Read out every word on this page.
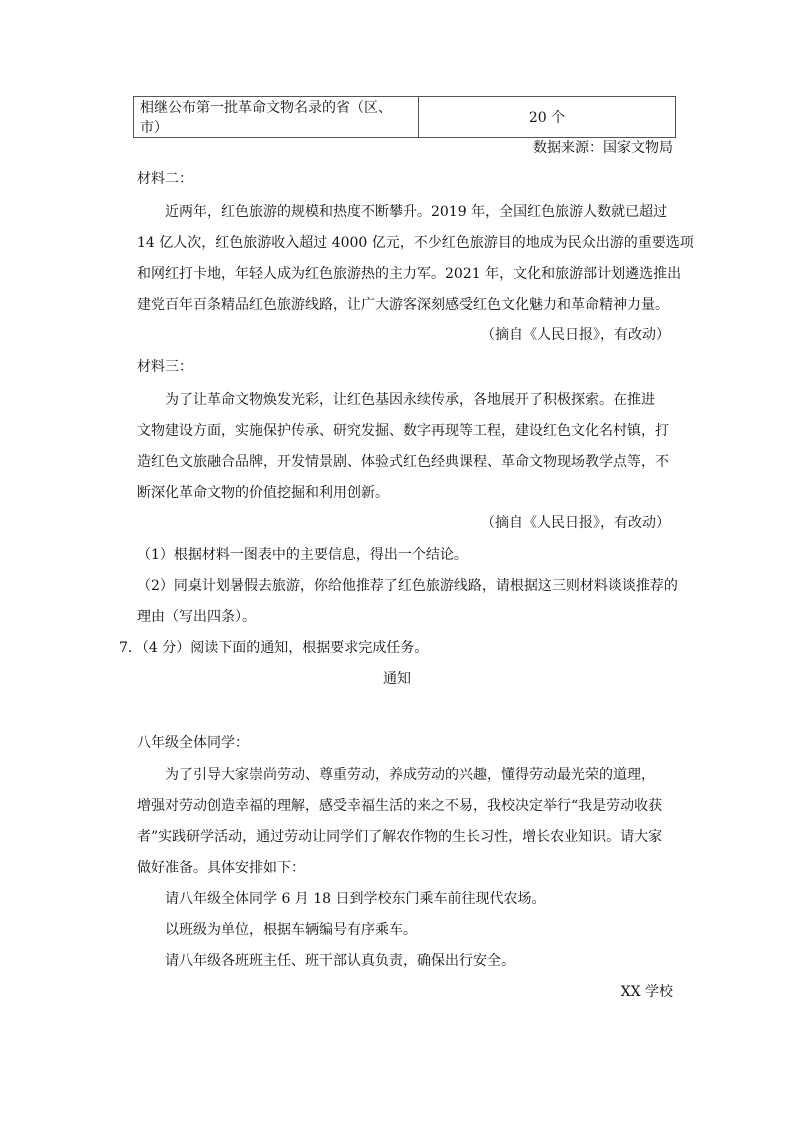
相继公布第一批革命文物名录的省（区、市）	20 个
数据来源：国家文物局
材料二：
近两年，红色旅游的规模和热度不断攀升。2019 年，全国红色旅游人数就已超过
14 亿人次，红色旅游收入超过 4000 亿元，不少红色旅游目的地成为民众出游的重要选项
和网红打卡地，年轻人成为红色旅游热的主力军。2021 年，文化和旅游部计划遴选推出
建党百年百条精品红色旅游线路，让广大游客深刻感受红色文化魅力和革命精神力量。
（摘自《人民日报》，有改动）
材料三：
为了让革命文物焕发光彩，让红色基因永续传承，各地展开了积极探索。在推进
文物建设方面，实施保护传承、研究发掘、数字再现等工程，建设红色文化名村镇，打
造红色文旅融合品牌，开发情景剧、体验式红色经典课程、革命文物现场教学点等，不
断深化革命文物的价值挖掘和利用创新。
（摘自《人民日报》，有改动）
（1）根据材料一图表中的主要信息，得出一个结论。
（2）同桌计划暑假去旅游，你给他推荐了红色旅游线路，请根据这三则材料谈谈推荐的
理由（写出四条）。
7．（4 分）阅读下面的通知，根据要求完成任务。
通知
八年级全体同学：
为了引导大家崇尚劳动、尊重劳动，养成劳动的兴趣，懂得劳动最光荣的道理，
增强对劳动创造幸福的理解，感受幸福生活的来之不易，我校决定举行“我是劳动收获
者”实践研学活动，通过劳动让同学们了解农作物的生长习性，增长农业知识。请大家
做好准备。具体安排如下：
请八年级全体同学 6 月 18 日到学校东门乘车前往现代农场。
以班级为单位，根据车辆编号有序乘车。
请八年级各班班主任、班干部认真负责，确保出行安全。
XX 学校
